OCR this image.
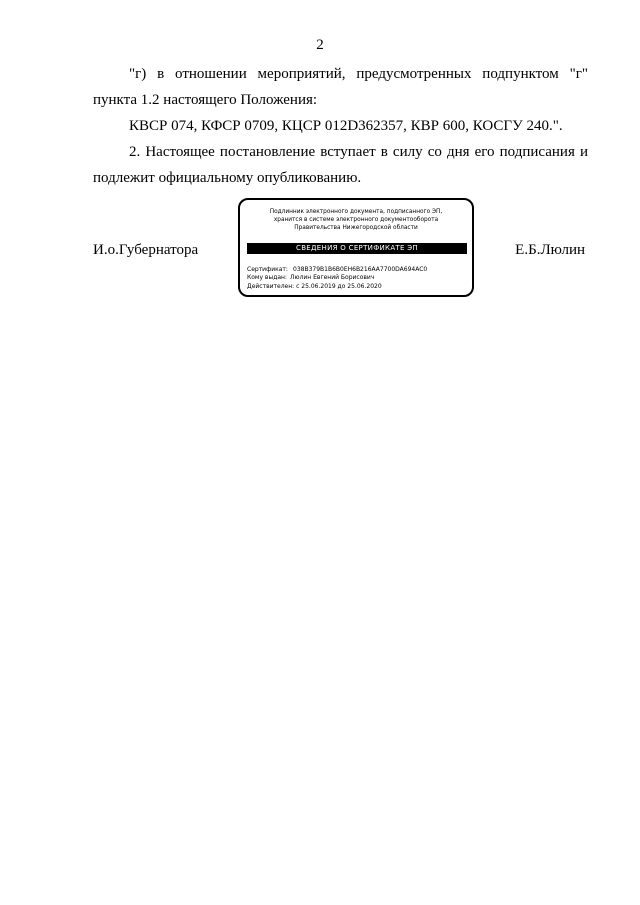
2

"г) в отношении мероприятий, предусмотренных подпунктом "г" пункта 1.2 настоящего Положения:

КВСР 074, КФСР 0709, КЦСР 012D362357, КВР 600, КОСГУ 240.".

2. Настоящее постановление вступает в силу со дня его подписания и подлежит официальному опубликованию.

И.о.Губернатора
Подлинник электронного документа, подписанного ЭП,
хранится в системе электронного документооборота
Правительства Нижегородской области
СВЕДЕНИЯ О СЕРТИФИКАТЕ ЭП
Сертификат: 038B379B1B6B0EH6B216AA7700DA694AC0
Кому выдан: Люлин Евгений Борисович
Действителен: с 25.06.2019 до 25.06.2020
Е.Б.Люлин
